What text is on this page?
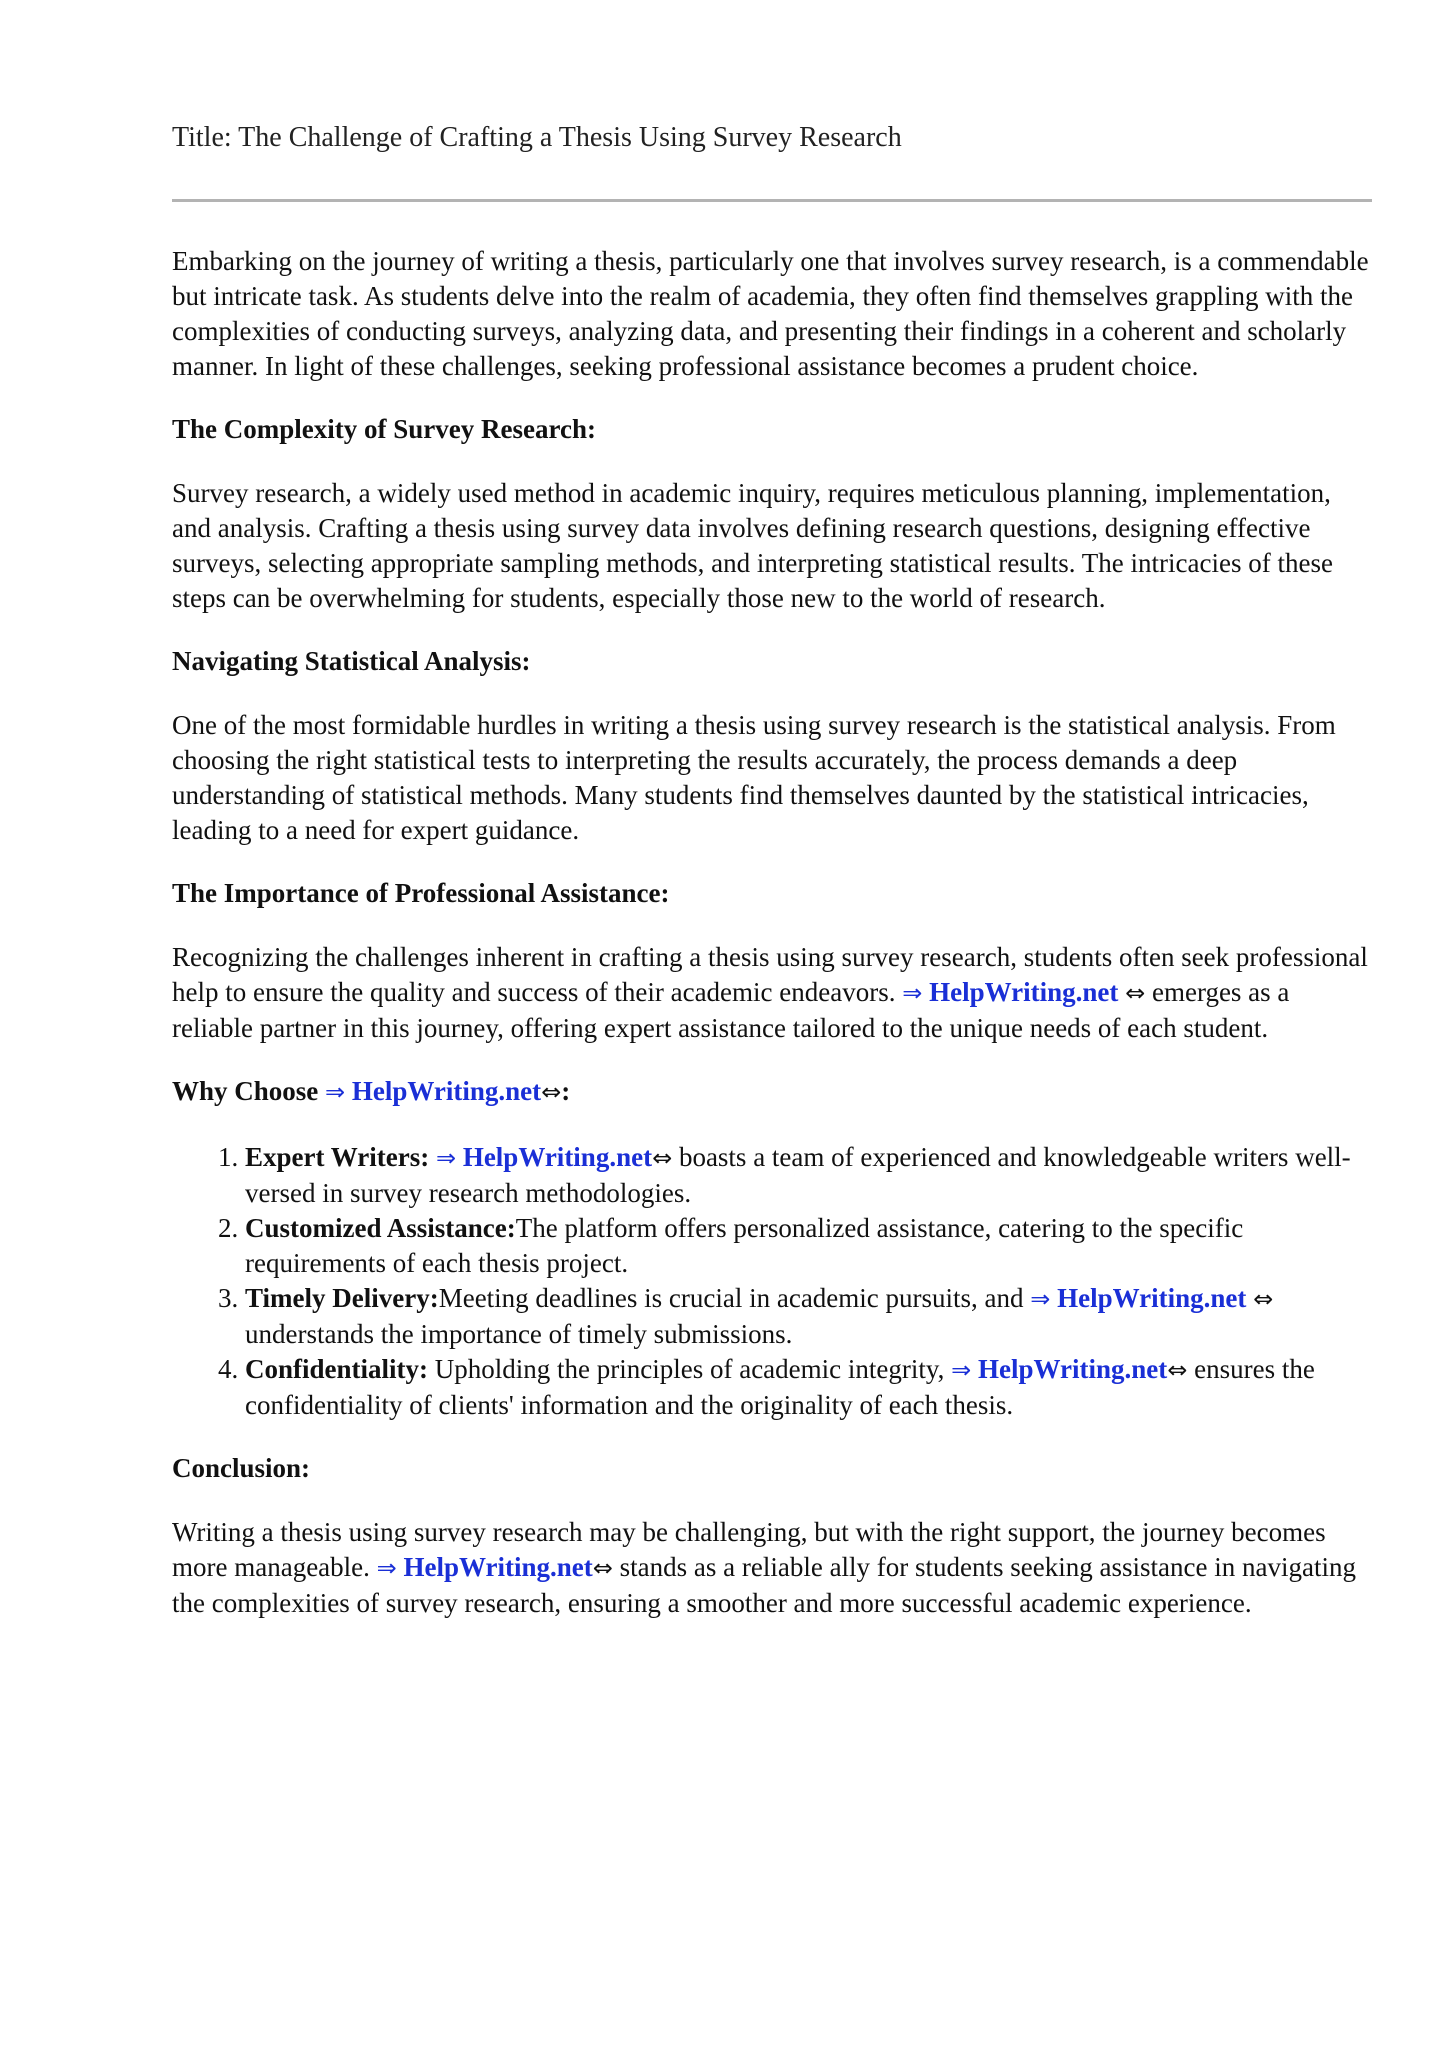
Title: The Challenge of Crafting a Thesis Using Survey Research

Embarking on the journey of writing a thesis, particularly one that involves survey research, is a commendable but intricate task. As students delve into the realm of academia, they often find themselves grappling with the complexities of conducting surveys, analyzing data, and presenting their findings in a coherent and scholarly manner. In light of these challenges, seeking professional assistance becomes a prudent choice.

The Complexity of Survey Research:

Survey research, a widely used method in academic inquiry, requires meticulous planning, implementation, and analysis. Crafting a thesis using survey data involves defining research questions, designing effective surveys, selecting appropriate sampling methods, and interpreting statistical results. The intricacies of these steps can be overwhelming for students, especially those new to the world of research.

Navigating Statistical Analysis:

One of the most formidable hurdles in writing a thesis using survey research is the statistical analysis. From choosing the right statistical tests to interpreting the results accurately, the process demands a deep understanding of statistical methods. Many students find themselves daunted by the statistical intricacies, leading to a need for expert guidance.

The Importance of Professional Assistance:

Recognizing the challenges inherent in crafting a thesis using survey research, students often seek professional help to ensure the quality and success of their academic endeavors. ⇒ HelpWriting.net ⇔ emerges as a reliable partner in this journey, offering expert assistance tailored to the unique needs of each student.

Why Choose ⇒ HelpWriting.net⇔:
1. Expert Writers: ⇒ HelpWriting.net⇔ boasts a team of experienced and knowledgeable writers well-versed in survey research methodologies.
2. Customized Assistance:The platform offers personalized assistance, catering to the specific requirements of each thesis project.
3. Timely Delivery:Meeting deadlines is crucial in academic pursuits, and ⇒ HelpWriting.net ⇔ understands the importance of timely submissions.
4. Confidentiality: Upholding the principles of academic integrity, ⇒ HelpWriting.net⇔ ensures the confidentiality of clients' information and the originality of each thesis.
Conclusion:

Writing a thesis using survey research may be challenging, but with the right support, the journey becomes more manageable. ⇒ HelpWriting.net⇔ stands as a reliable ally for students seeking assistance in navigating the complexities of survey research, ensuring a smoother and more successful academic experience.
